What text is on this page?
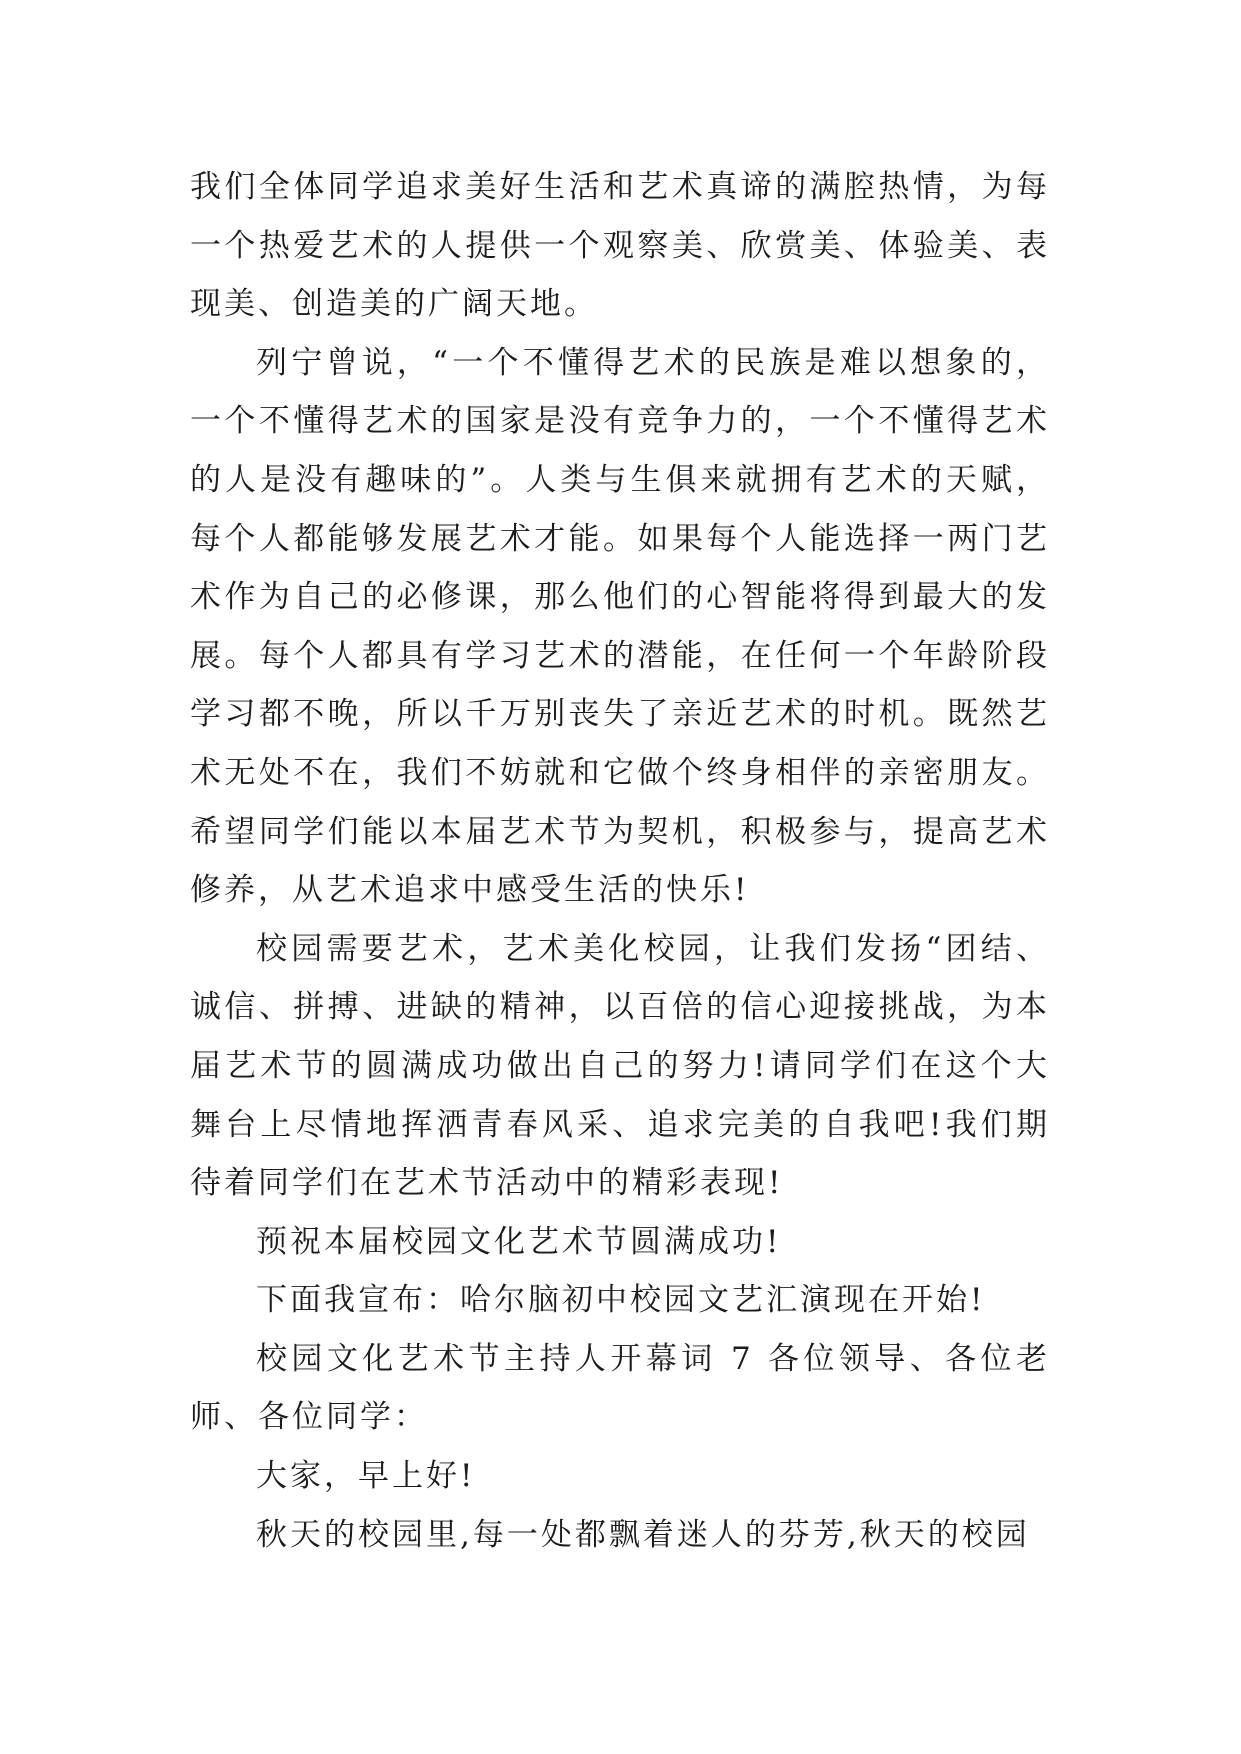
我们全体同学追求美好生活和艺术真谛的满腔热情，为每一个热爱艺术的人提供一个观察美、欣赏美、体验美、表现美、创造美的广阔天地。

列宁曾说，“一个不懂得艺术的民族是难以想象的，一个不懂得艺术的国家是没有竞争力的，一个不懂得艺术的人是没有趣味的”。人类与生俱来就拥有艺术的天赋，每个人都能够发展艺术才能。如果每个人能选择一两门艺术作为自己的必修课，那么他们的心智能将得到最大的发展。每个人都具有学习艺术的潜能，在任何一个年龄阶段学习都不晚，所以千万别丧失了亲近艺术的时机。既然艺术无处不在，我们不妨就和它做个终身相伴的亲密朋友。希望同学们能以本届艺术节为契机，积极参与，提高艺术修养，从艺术追求中感受生活的快乐!

校园需要艺术，艺术美化校园，让我们发扬“团结、诚信、拼搏、进缺的精神，以百倍的信心迎接挑战，为本届艺术节的圆满成功做出自己的努力!请同学们在这个大舞台上尽情地挥洒青春风采、追求完美的自我吧!我们期待着同学们在艺术节活动中的精彩表现!

预祝本届校园文化艺术节圆满成功!

下面我宣布：哈尔脑初中校园文艺汇演现在开始!

校园文化艺术节主持人开幕词 7 各位领导、各位老师、各位同学：

大家，早上好!

秋天的校园里,每一处都飘着迷人的芬芳,秋天的校园
